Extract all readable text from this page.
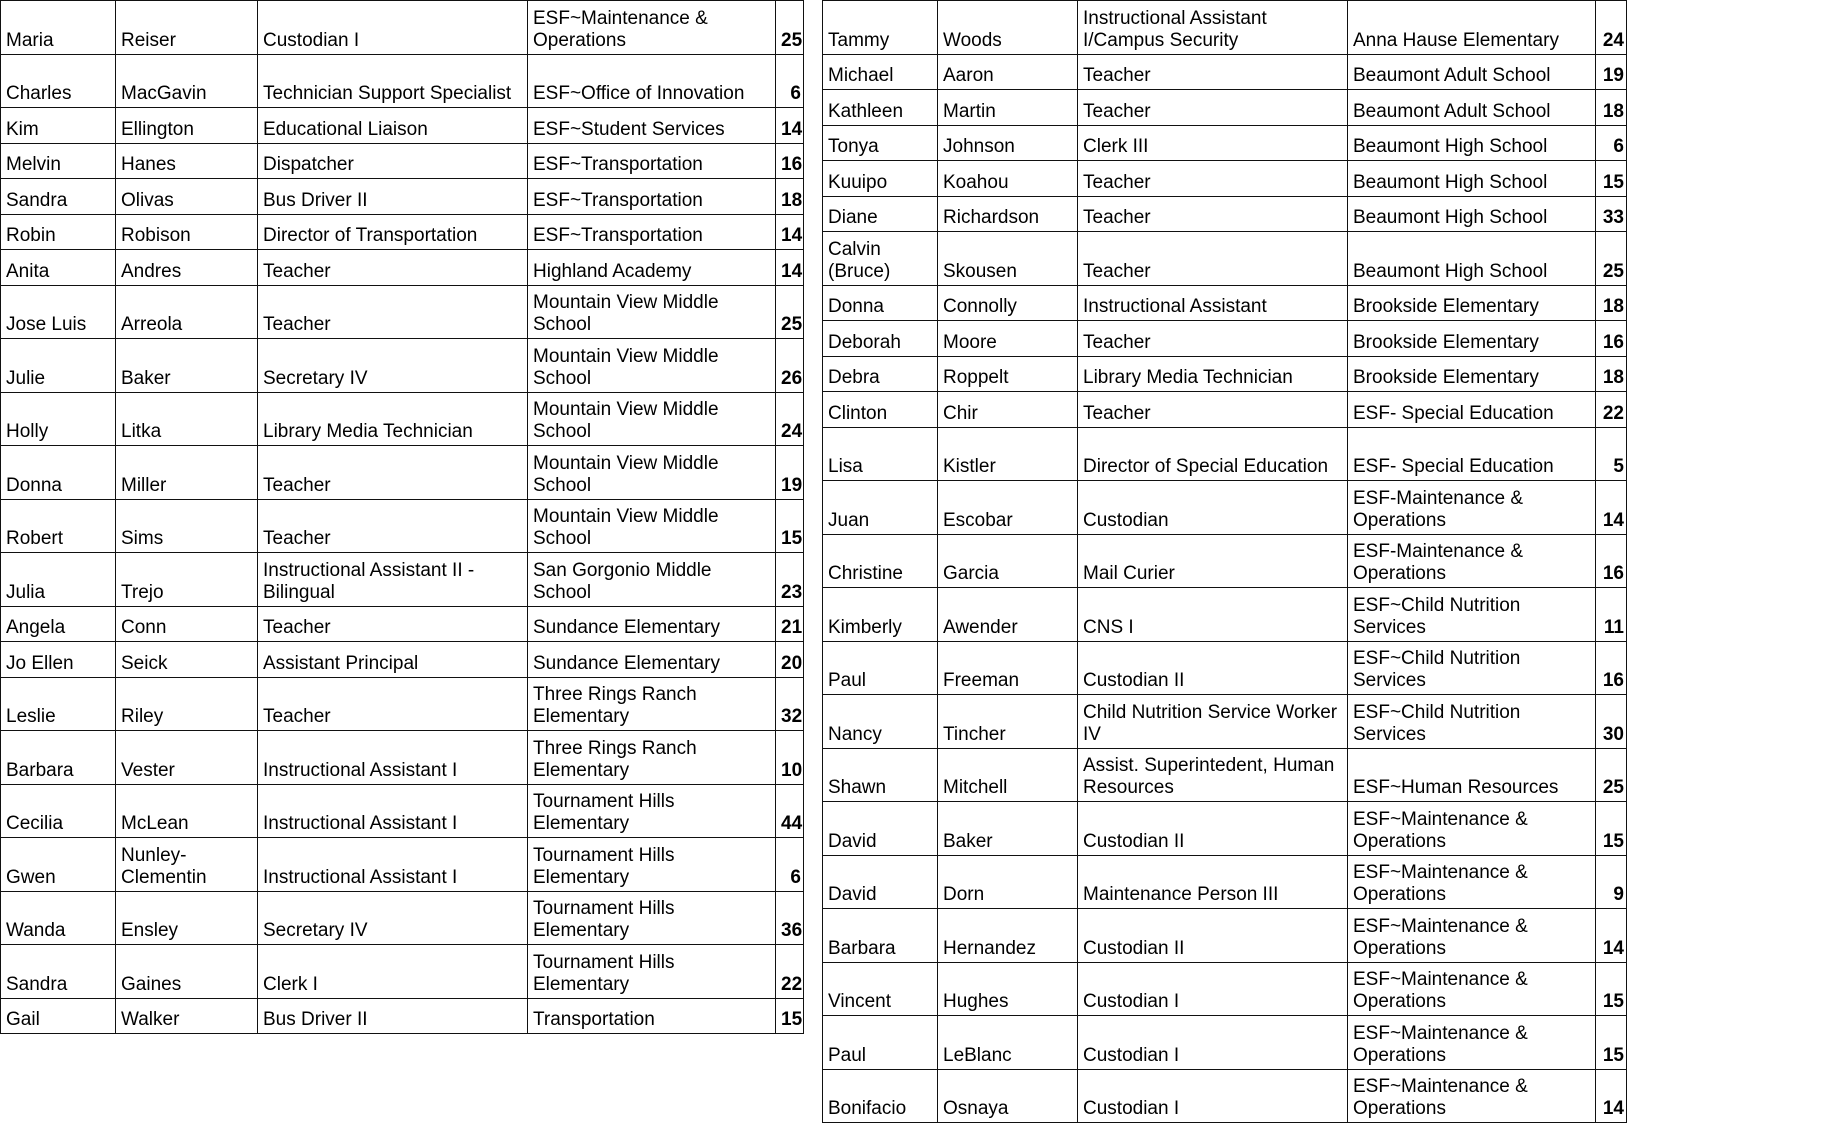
Maria	Reiser	Custodian I	ESF~Maintenance & Operations	25
Charles	MacGavin	Technician Support Specialist	ESF~Office of Innovation	6
Kim	Ellington	Educational Liaison	ESF~Student Services	14
Melvin	Hanes	Dispatcher	ESF~Transportation	16
Sandra	Olivas	Bus Driver II	ESF~Transportation	18
Robin	Robison	Director of Transportation	ESF~Transportation	14
Anita	Andres	Teacher	Highland Academy	14
Jose Luis	Arreola	Teacher	Mountain View Middle School	25
Julie	Baker	Secretary IV	Mountain View Middle School	26
Holly	Litka	Library Media Technician	Mountain View Middle School	24
Donna	Miller	Teacher	Mountain View Middle School	19
Robert	Sims	Teacher	Mountain View Middle School	15
Julia	Trejo	Instructional Assistant II - Bilingual	San Gorgonio Middle School	23
Angela	Conn	Teacher	Sundance Elementary	21
Jo Ellen	Seick	Assistant Principal	Sundance Elementary	20
Leslie	Riley	Teacher	Three Rings Ranch Elementary	32
Barbara	Vester	Instructional Assistant I	Three Rings Ranch Elementary	10
Cecilia	McLean	Instructional Assistant I	Tournament Hills Elementary	44
Gwen	Nunley-Clementin	Instructional Assistant I	Tournament Hills Elementary	6
Wanda	Ensley	Secretary IV	Tournament Hills Elementary	36
Sandra	Gaines	Clerk I	Tournament Hills Elementary	22
Gail	Walker	Bus Driver II	Transportation	15
Tammy	Woods	Instructional Assistant I/Campus Security	Anna Hause Elementary	24
Michael	Aaron	Teacher	Beaumont Adult School	19
Kathleen	Martin	Teacher	Beaumont Adult School	18
Tonya	Johnson	Clerk III	Beaumont High School	6
Kuuipo	Koahou	Teacher	Beaumont High School	15
Diane	Richardson	Teacher	Beaumont High School	33
Calvin (Bruce)	Skousen	Teacher	Beaumont High School	25
Donna	Connolly	Instructional Assistant	Brookside Elementary	18
Deborah	Moore	Teacher	Brookside Elementary	16
Debra	Roppelt	Library Media Technician	Brookside Elementary	18
Clinton	Chir	Teacher	ESF- Special Education	22
Lisa	Kistler	Director of Special Education	ESF- Special Education	5
Juan	Escobar	Custodian	ESF-Maintenance & Operations	14
Christine	Garcia	Mail Curier	ESF-Maintenance & Operations	16
Kimberly	Awender	CNS I	ESF~Child Nutrition Services	11
Paul	Freeman	Custodian II	ESF~Child Nutrition Services	16
Nancy	Tincher	Child Nutrition Service Worker IV	ESF~Child Nutrition Services	30
Shawn	Mitchell	Assist. Superintedent, Human Resources	ESF~Human Resources	25
David	Baker	Custodian II	ESF~Maintenance & Operations	15
David	Dorn	Maintenance Person III	ESF~Maintenance & Operations	9
Barbara	Hernandez	Custodian II	ESF~Maintenance & Operations	14
Vincent	Hughes	Custodian I	ESF~Maintenance & Operations	15
Paul	LeBlanc	Custodian I	ESF~Maintenance & Operations	15
Bonifacio	Osnaya	Custodian I	ESF~Maintenance & Operations	14
